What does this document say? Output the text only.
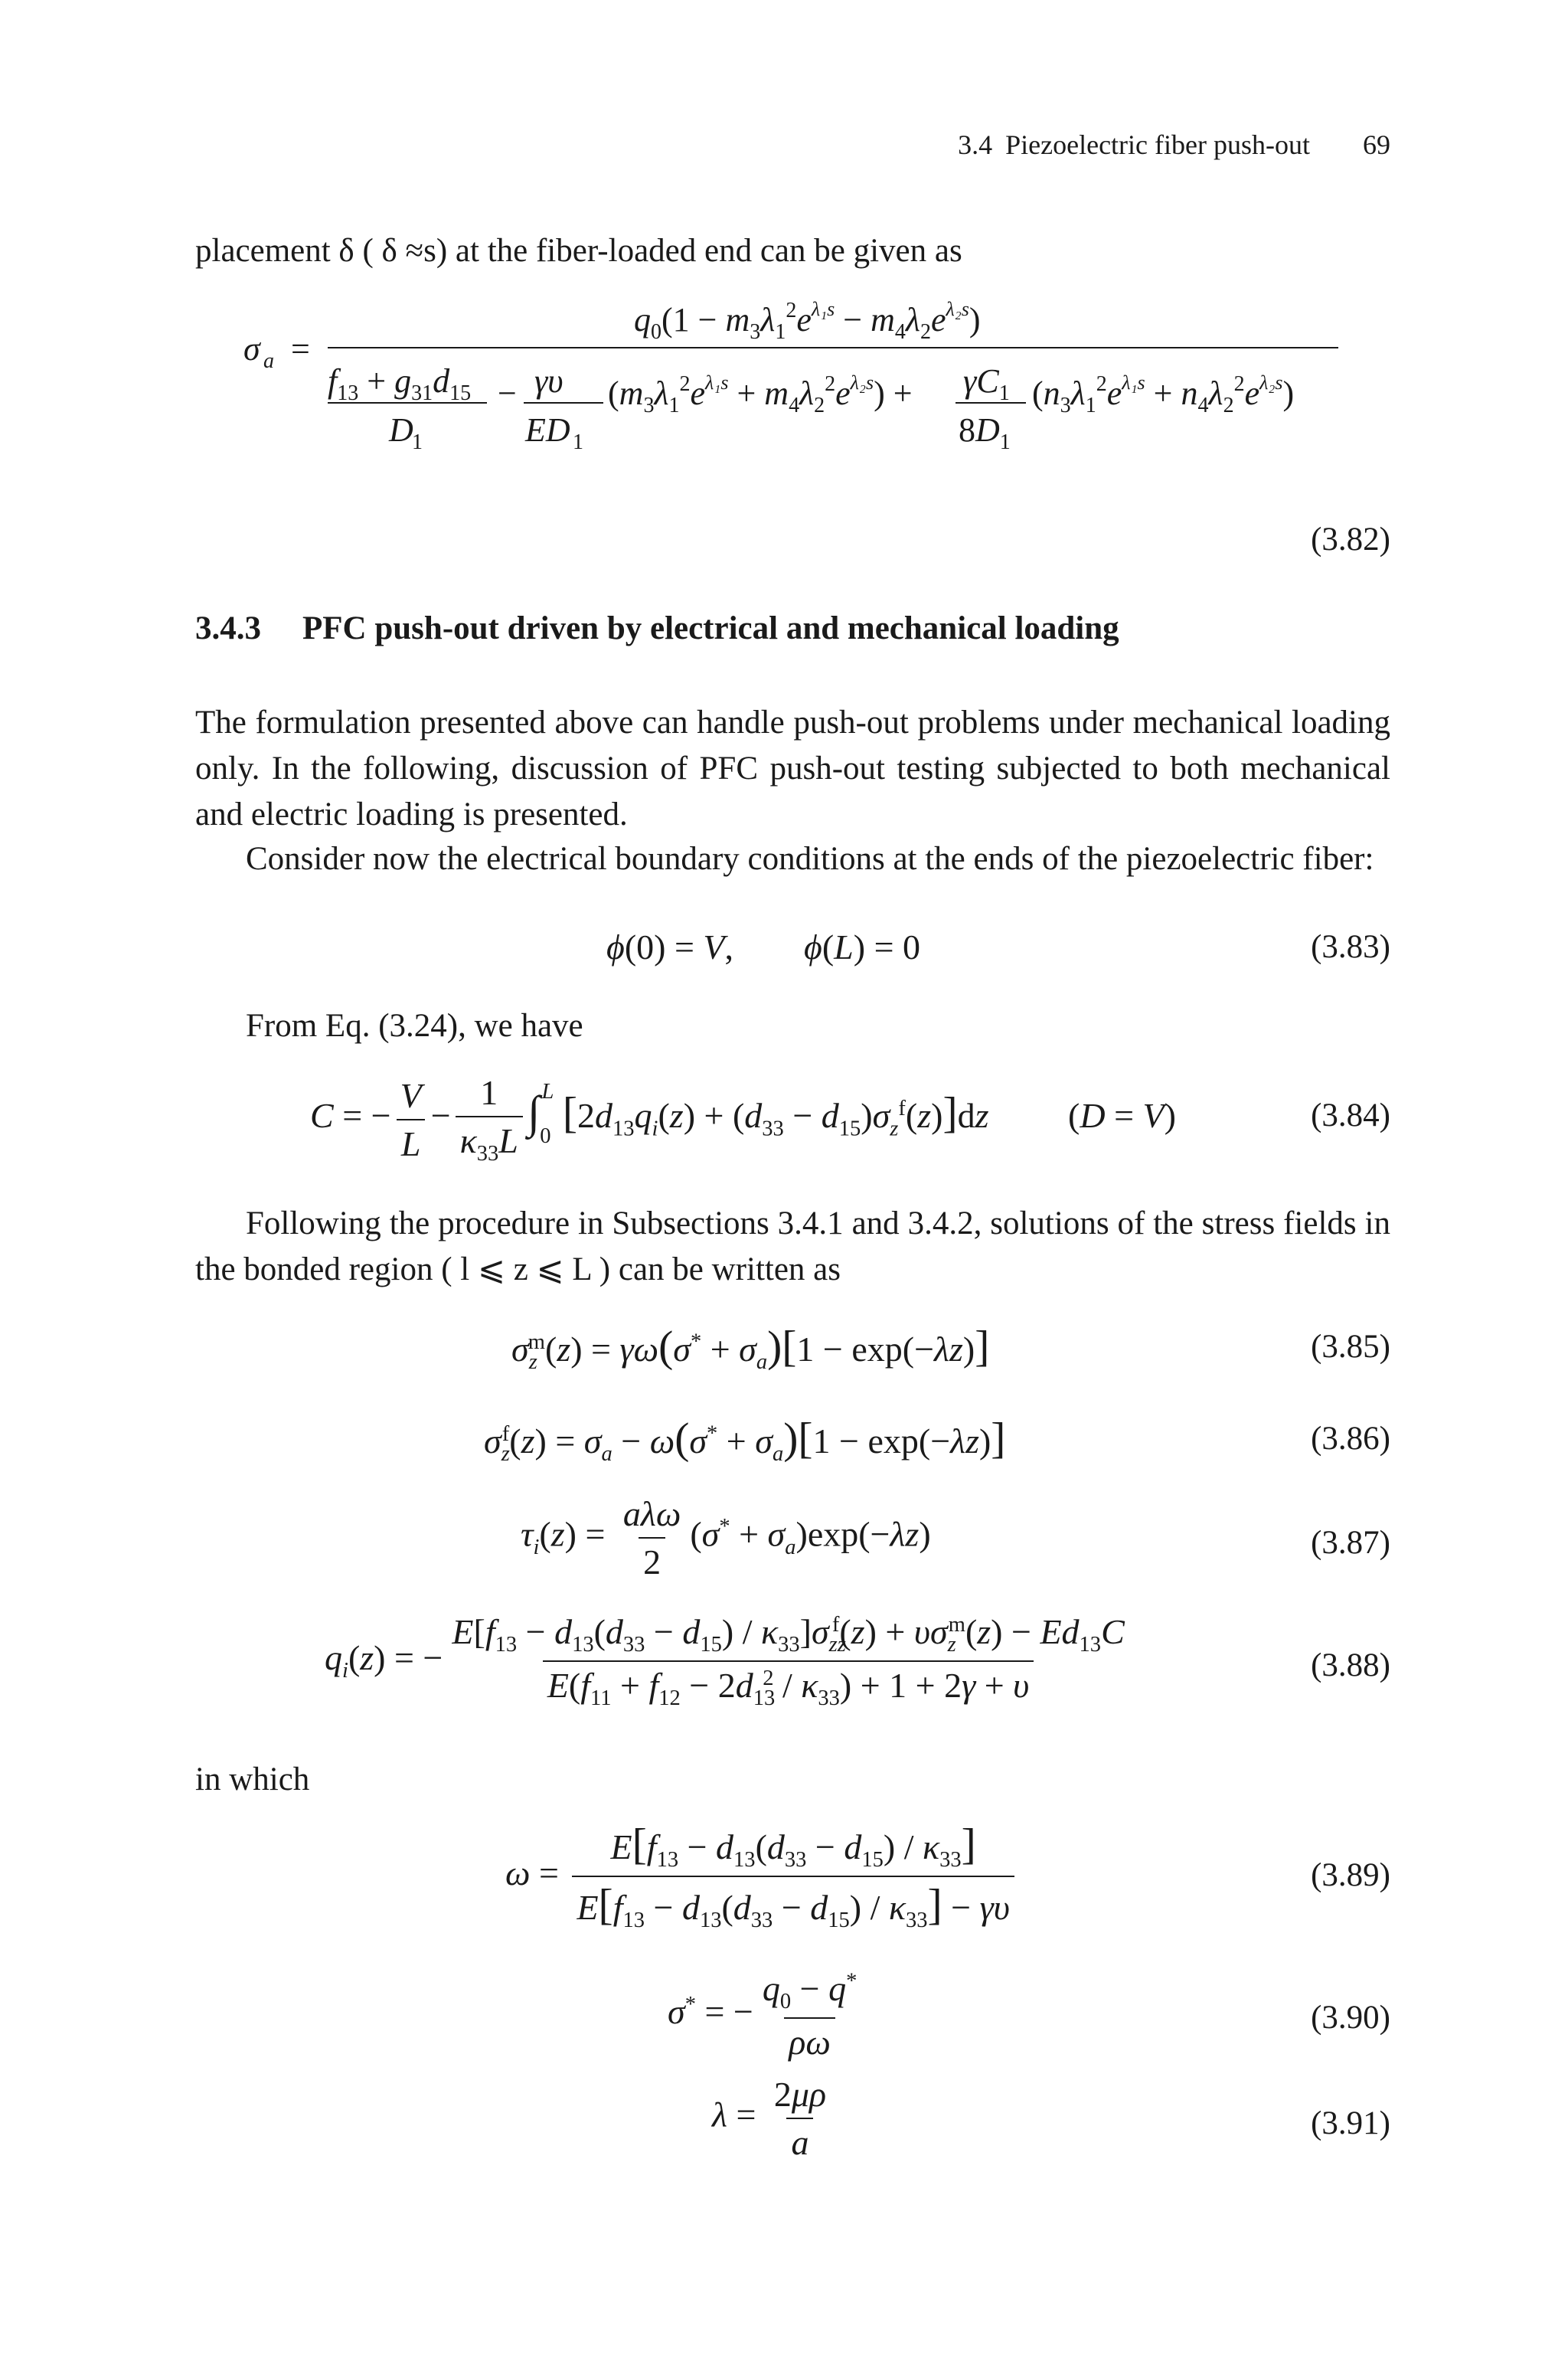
3.4 Piezoelectric fiber push-out 69
placement δ ( δ ≈s) at the fiber-loaded end can be given as
σ a =
$q_0(1 - m_3\lambda_1^2e^{\lambda_1s} - m_4\lambda_2e^{\lambda_2s})$
$f_{13} + g_{31}d_{15}$
D
1
− γυ
ED 1
$(m_3\lambda_1^2e^{\lambda_1s} + m_4\lambda_2^2e^{\lambda_2s}) + \gamma C_1$
$8D_1$
$(n_3\lambda_1^2e^{\lambda_1s} + n_4\lambda_2^2e^{\lambda_2s})$
(3.82)
3.4.3 PFC push-out driven by electrical and mechanical loading
The formulation presented above can handle push-out problems under mechanical loading only. In the following, discussion of PFC push-out testing subjected to both mechanical and electric loading is presented.
Consider now the electrical boundary conditions at the ends of the piezoelectric fiber:
ϕ(0) = V,        ϕ(L) = 0	(3.83)
From Eq. (3.24), we have
C = − $\frac{V}{L} - \frac{1}{\kappa_{33}L} \int_0^L$ $[2d_{13}q_i(z) + (d_{33} - d_{15})\sigma_z^f(z)]dz$         (D = V)	(3.84)
Following the procedure in Subsections 3.4.1 and 3.4.2, solutions of the stress fields in the bonded region ( l ⩽ z ⩽ L ) can be written as
$\sigma_z^m(z) = \gamma\omega(\sigma^* + \sigma_a)[1 - \exp(-\lambda z)]$	(3.85)
$\sigma_z^f(z) = \sigma_a - \omega(\sigma^* + \sigma_a)[1 - \exp(-\lambda z)]$	(3.86)
$\tau_i(z) = \frac{\text{aλω}}{2} (\sigma^* + \sigma_a)\exp(-\lambda z)$	(3.87)
$q_i(z)$ = − $\frac{E[f_{13} - d_{13}(d_{33} - d_{15}) / \kappa_{33}]\sigma_{zz}^f(z) + \upsilon\sigma_z^m(z) - Ed_{13}C}{E(f_{11} + f_{12} - 2d_{13}^2 / \kappa_{33}) + 1 + 2\gamma + \upsilon}$	(3.88)
in which
$\omega = \frac{E[f_{13} - d_{13}(d_{33} - d_{15}) / \kappa_{33}]}{E[f_{13} - d_{13}(d_{33} - d_{15}) / \kappa_{33}] - \gamma\upsilon}$	(3.89)
σ* = − $\frac{q_0 - q^*}{\rho\omega}$	(3.90)
$\lambda = \frac{2\mu\rho}{a}$	(3.91)
